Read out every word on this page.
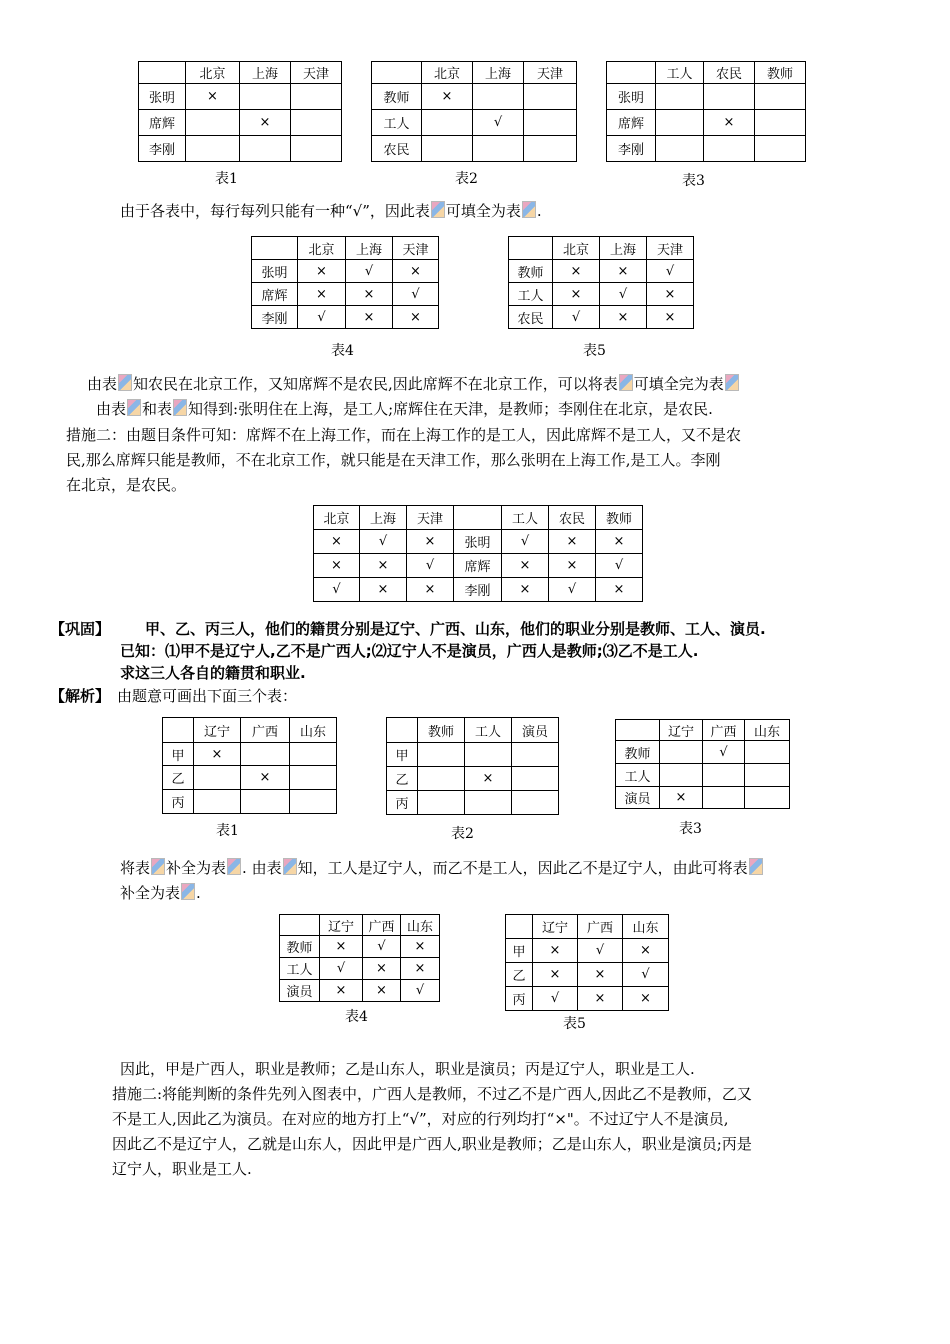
	北京	上海	天津
张明	×		
席辉		×	
李刚			
	北京	上海	天津
教师	×		
工人		√	
农民			
	工人	农民	教师
张明			
席辉		×	
李刚			
表1	表2	表3
由于各表中，每行每列只能有一种“√”，因此表 可填全为表 .
	北京	上海	天津
张明	×	√	×
席辉	×	×	√
李刚	√	×	×
	北京	上海	天津
教师	×	×	√
工人	×	√	×
农民	√	×	×
表4	表5
由表 知农民在北京工作，又知席辉不是农民,因此席辉不在北京工作，可以将表 可填全完为表
由表 和表 知得到:张明住在上海，是工人;席辉住在天津，是教师；李刚住在北京，是农民.
措施二：由题目条件可知：席辉不在上海工作，而在上海工作的是工人，因此席辉不是工人，又不是农
民,那么席辉只能是教师，不在北京工作，就只能是在天津工作，那么张明在上海工作,是工人。李刚
在北京，是农民。
北京	上海	天津		工人	农民	教师
×	√	×	张明	√	×	×
×	×	√	席辉	×	×	√
√	×	×	李刚	×	√	×
【巩固】 甲、乙、丙三人，他们的籍贯分别是辽宁、广西、山东，他们的职业分别是教师、工人、演员.
已知：⑴甲不是辽宁人,乙不是广西人;⑵辽宁人不是演员，广西人是教师;⑶乙不是工人.
求这三人各自的籍贯和职业.
【解析】 由题意可画出下面三个表：
	辽宁	广西	山东
甲	×		
乙		×	
丙			
	教师	工人	演员
甲			
乙		×	
丙			
	辽宁	广西	山东
教师		√	
工人			
演员	×		
表1	表2	表3
将表 补全为表 . 由表 知，工人是辽宁人，而乙不是工人，因此乙不是辽宁人，由此可将表
补全为表 .
	辽宁	广西	山东
教师	×	√	×
工人	√	×	×
演员	×	×	√
	辽宁	广西	山东
甲	×	√	×
乙	×	×	√
丙	√	×	×
表4	表5
因此，甲是广西人，职业是教师；乙是山东人，职业是演员；丙是辽宁人，职业是工人.
措施二:将能判断的条件先列入图表中，广西人是教师，不过乙不是广西人,因此乙不是教师，乙又
不是工人,因此乙为演员。在对应的地方打上“√”，对应的行列均打“×"。不过辽宁人不是演员,
因此乙不是辽宁人，乙就是山东人，因此甲是广西人,职业是教师；乙是山东人，职业是演员;丙是
辽宁人，职业是工人.
